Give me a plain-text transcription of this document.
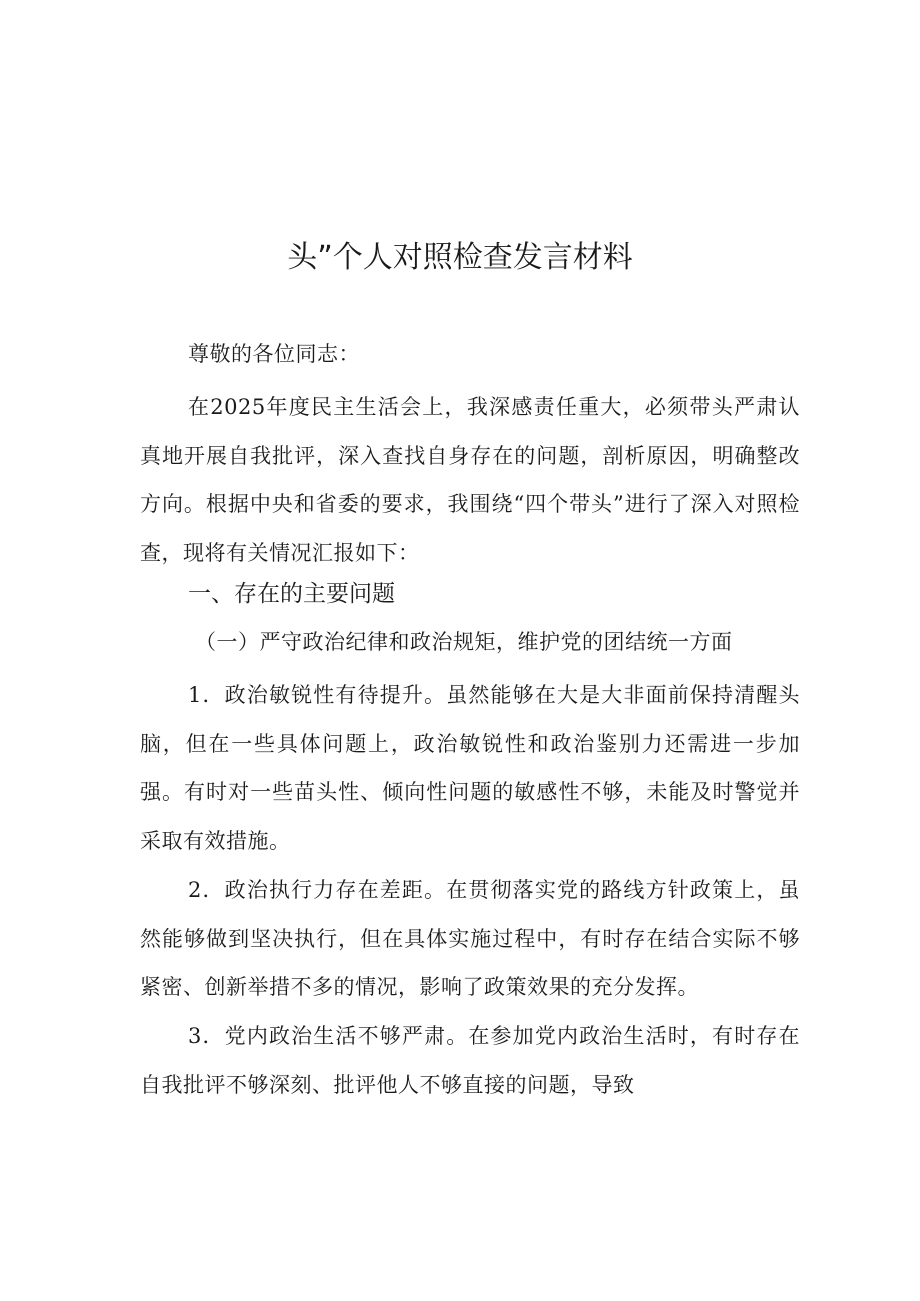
头”个人对照检查发言材料
尊敬的各位同志：

在2025年度民主生活会上，我深感责任重大，必须带头严肃认真地开展自我批评，深入查找自身存在的问题，剖析原因，明确整改方向。根据中央和省委的要求，我围绕“四个带头”进行了深入对照检查，现将有关情况汇报如下：

一、存在的主要问题
（一）严守政治纪律和政治规矩，维护党的团结统一方面

1．政治敏锐性有待提升。虽然能够在大是大非面前保持清醒头脑，但在一些具体问题上，政治敏锐性和政治鉴别力还需进一步加强。有时对一些苗头性、倾向性问题的敏感性不够，未能及时警觉并采取有效措施。

2．政治执行力存在差距。在贯彻落实党的路线方针政策上，虽然能够做到坚决执行，但在具体实施过程中，有时存在结合实际不够紧密、创新举措不多的情况，影响了政策效果的充分发挥。

3．党内政治生活不够严肃。在参加党内政治生活时，有时存在自我批评不够深刻、批评他人不够直接的问题，导致
